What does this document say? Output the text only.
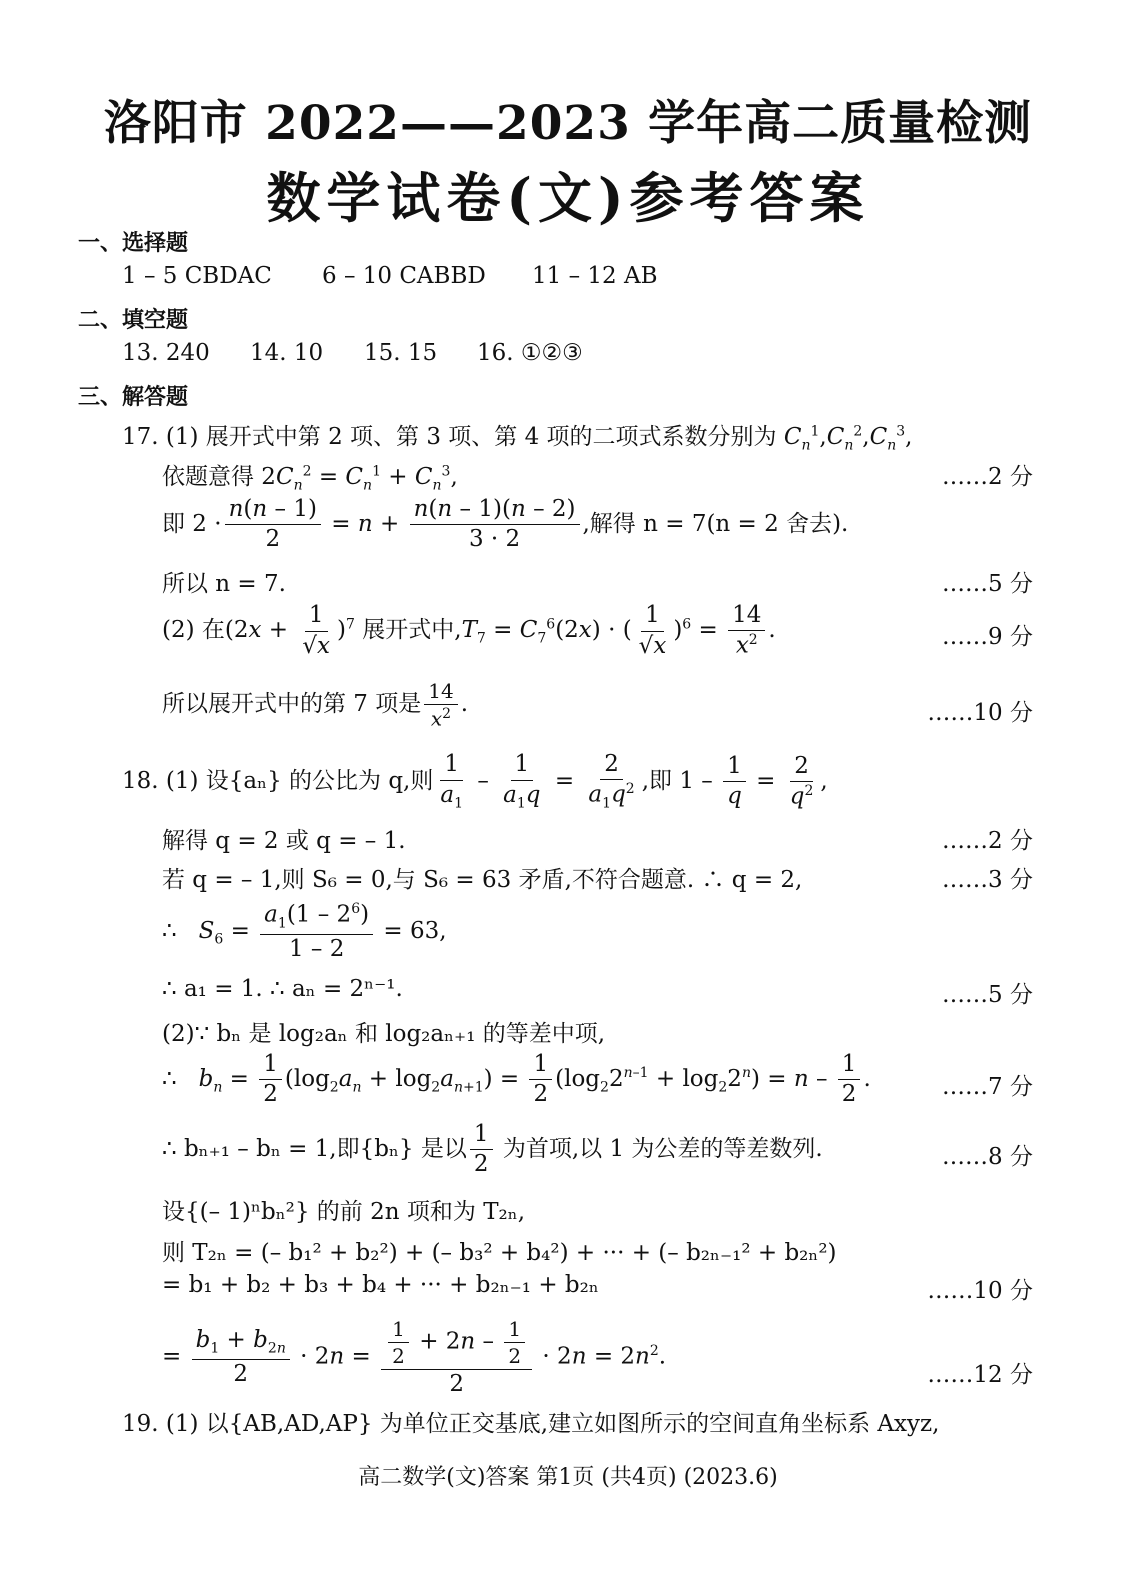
洛阳市 2022——2023 学年高二质量检测
数学试卷(文)参考答案
一、选择题
1 – 5 CBDAC 6 – 10 CABBD 11 – 12 AB
二、填空题
13. 240 14. 10 15. 15 16. ①②③
三、解答题
17. (1) 展开式中第 2 项、第 3 项、第 4 项的二项式系数分别为 $C_n^1,C_n^2,C_n^3$,
依题意得 $2C_n^2 = C_n^1 + C_n^3$,	……2 分
即 $2 \cdot \frac{n(n - 1)}{2} = n + \frac{n(n - 1)(n - 2)}{3 \cdot 2}$ ,解得 n = 7(n = 2 舍去).
所以 n = 7.	……5 分
(2) 在$(2x + \frac{1}{√x} )^7$ 展开式中$,T_7 = C_7^6(2x)$ · ( $\frac{1}{√x} )^6 = \frac{14}{x^2}$ .	……9 分
所以展开式中的第 7 项是 $\frac{14}{x^2}$ .	……10 分
18. (1) 设{aₙ} 的公比为 q,则 $\frac{1}{a_1} - \frac{1}{a_1q} = \frac{2}{a_1q^2}$ ,即 $1 - \frac{1}{q} = \frac{2}{q^2}$ ,
解得 q = 2 或 q = – 1.	……2 分
若 q = – 1,则 S₆ = 0,与 S₆ = 63 矛盾,不符合题意. ∴ q = 2,	……3 分
∴   $S_6 = \frac{a_1(1 - 2^6)}{1 - 2} = 63$,
∴ a₁ = 1. ∴ aₙ = 2ⁿ⁻¹.	……5 分
(2)∵ bₙ 是 log₂aₙ 和 log₂aₙ₊₁ 的等差中项,
∴   $b_n = \frac{1}{2} (\log_2a_n + \log_2a_{n+1}) = \frac{1}{2} (\log_22^{n-1} + \log_22^n) = n - \frac{1}{2}$ .	……7 分
∴ bₙ₊₁ – bₙ = 1,即{bₙ} 是以 $\frac{1}{2}$ 为首项,以 1 为公差的等差数列.	……8 分
设{(– 1)ⁿbₙ²} 的前 2n 项和为 T₂ₙ,
则 T₂ₙ = (– b₁² + b₂²) + (– b₃² + b₄²) + ··· + (– b₂ₙ₋₁² + b₂ₙ²)
= b₁ + b₂ + b₃ + b₄ + ··· + b₂ₙ₋₁ + b₂ₙ	……10 分
= $\frac{b_1 + b_{2n}}{2} \cdot 2n = \frac{\frac{1}{2} + 2n - \frac{1}{2}}{2} \cdot 2n = 2n^2$.
……12 分
19. (1) 以{AB,AD,AP} 为单位正交基底,建立如图所示的空间直角坐标系 Axyz,
高二数学(文)答案 第1页 (共4页) (2023.6)
